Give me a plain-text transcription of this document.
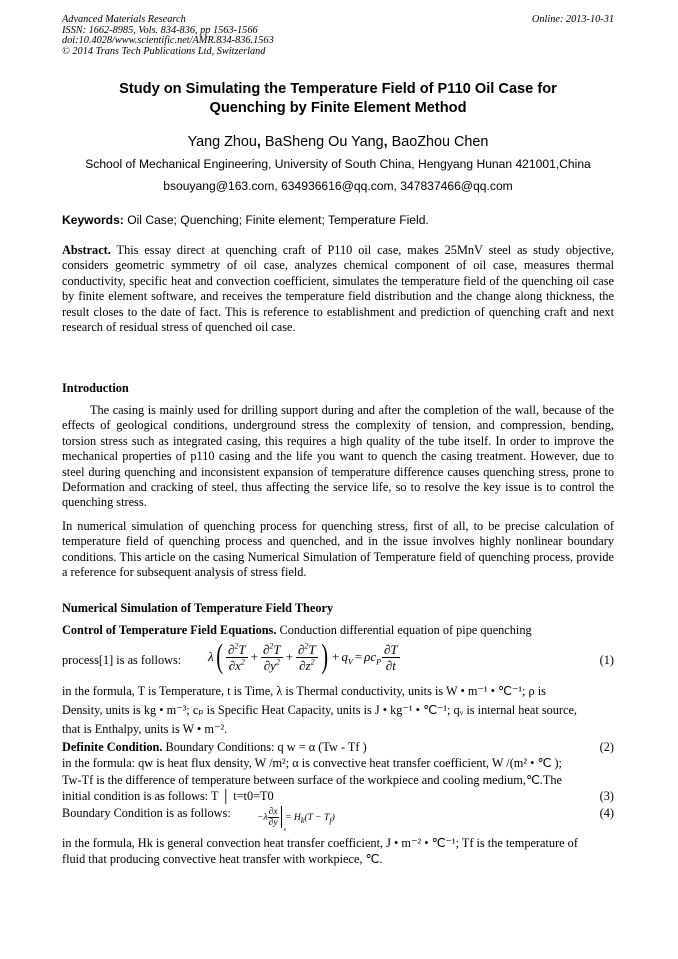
Advanced Materials Research
ISSN: 1662-8985, Vols. 834-836, pp 1563-1566
doi:10.4028/www.scientific.net/AMR.834-836.1563
© 2014 Trans Tech Publications Ltd, Switzerland
Online: 2013-10-31
Study on Simulating the Temperature Field of P110 Oil Case for
Quenching by Finite Element Method
Yang Zhou, BaSheng Ou Yang, BaoZhou Chen
School of Mechanical Engineering, University of South China, Hengyang Hunan 421001,China
bsouyang@163.com, 634936616@qq.com, 347837466@qq.com
Keywords: Oil Case; Quenching; Finite element; Temperature Field.
Abstract. This essay direct at quenching craft of P110 oil case, makes 25MnV steel as study objective, considers geometric symmetry of oil case, analyzes chemical component of oil case, measures thermal conductivity, specific heat and convection coefficient, simulates the temperature field of the quenching oil case by finite element software, and receives the temperature field distribution and the change along thickness, the result closes to the date of fact. This is reference to establishment and prediction of quenching craft and next research of residual stress of quenched oil case.
Introduction
The casing is mainly used for drilling support during and after the completion of the wall, because of the effects of geological conditions, underground stress the complexity of tension, and compression, bending, torsion stress such as integrated casing, this requires a high quality of the tube itself. In order to improve the mechanical properties of p110 casing and the life you want to quench the casing treatment. However, due to steel during quenching and inconsistent expansion of temperature difference causes quenching stress, prone to Deformation and cracking of steel, thus affecting the service life, so to resolve the key issue is to control the quenching stress.
In numerical simulation of quenching process for quenching stress, first of all, to be precise calculation of temperature field of quenching process and quenched, and in the issue involves highly nonlinear boundary conditions. This article on the casing Numerical Simulation of Temperature field of quenching process, provide a reference for subsequent analysis of stress field.
Numerical Simulation of Temperature Field Theory
Control of Temperature Field Equations. Conduction differential equation of pipe quenching
process[1] is as follows:	(1)
$\lambda( \frac{\partial^2T}{\partial x^2} + \frac{\partial^2T}{\partial y^2} + \frac{\partial^2T}{\partial z^2}$ ) + $q_V = \rho c_P \frac{\partial T}{\partial t}$
in the formula, T is Temperature, t is Time, λ is Thermal conductivity, units is W • m⁻¹ • ℃⁻¹; ρ is
Density, units is kg • m⁻³; cₚ is Specific Heat Capacity, units is J • kg⁻¹ • ℃⁻¹; qᵥ is internal heat source,
that is Enthalpy, units is W • m⁻².
Definite Condition. Boundary Conditions: q w = α (Tw - Tf )	(2)
in the formula: qw is heat flux density, W /m²; α is convective heat transfer coefficient, W /(m² • ℃ );
Tw-Tf is the difference of temperature between surface of the workpiece and cooling medium,℃.The
initial condition is as follows: T │ t=t0=T0	(3)
Boundary Condition is as follows:	(4)
$-\lambda \frac{\partial x}{\partial y}$
s
= $H_k(T - T_f)$
in the formula, Hk is general convection heat transfer coefficient, J • m⁻² • ℃⁻¹; Tf is the temperature of
fluid that producing convective heat transfer with workpiece, ℃.
